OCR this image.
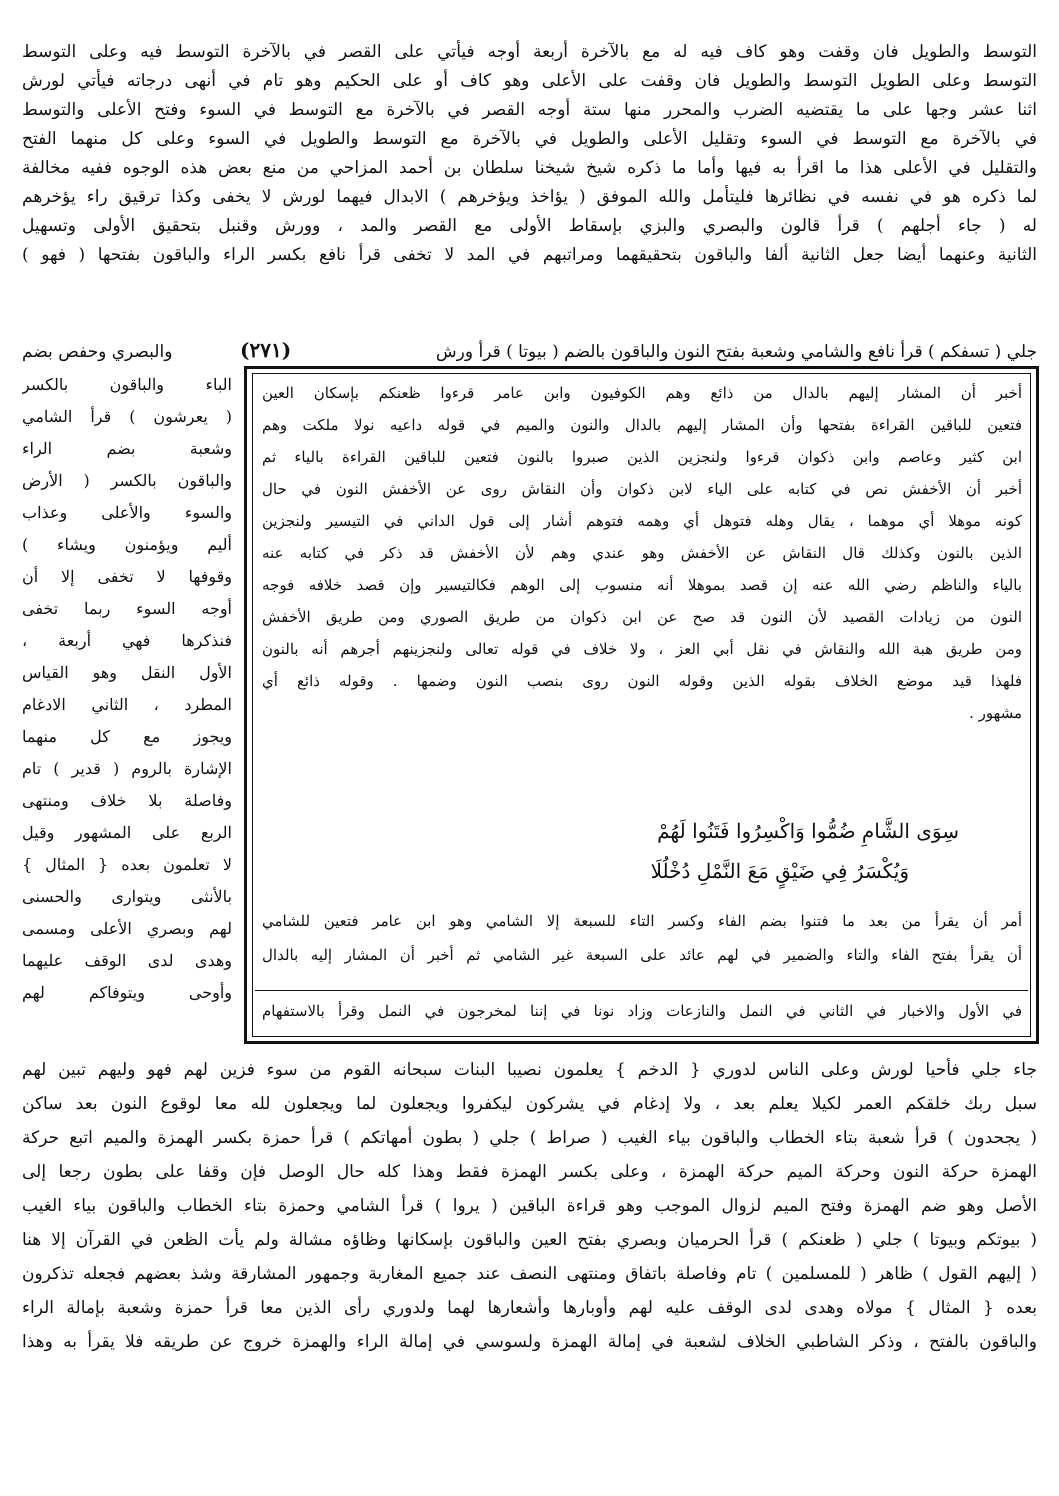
التوسط والطويل فان وقفت وهو كاف فيه له مع بالآخرة أربعة أوجه فيأتي على القصر في بالآخرة التوسط فيه وعلى التوسط
التوسط وعلى الطويل التوسط والطويل فان وقفت على الأعلى وهو كاف أو على الحكيم وهو تام في أنهى درجاته فيأتي لورش
اثنا عشر وجها على ما يقتضيه الضرب والمحرر منها ستة أوجه القصر في بالآخرة مع التوسط في السوء وفتح الأعلى والتوسط
في بالآخرة مع التوسط في السوء وتقليل الأعلى والطويل في بالآخرة مع التوسط والطويل في السوء وعلى كل منهما الفتح
والتقليل في الأعلى هذا ما اقرأ به فيها وأما ما ذكره شيخ شيخنا سلطان بن أحمد المزاحي من منع بعض هذه الوجوه ففيه مخالفة
لما ذكره هو في نفسه في نظائرها فليتأمل والله الموفق ( يؤاخذ ويؤخرهم ) الابدال فيهما لورش لا يخفى وكذا ترقيق راء يؤخرهم
له ( جاء أجلهم ) قرأ قالون والبصري والبزي بإسقاط الأولى مع القصر والمد ، وورش وقنبل بتحقيق الأولى وتسهيل
الثانية وعنهما أيضا جعل الثانية ألفا والباقون بتحقيقهما ومراتبهم في المد لا تخفى قرأ نافع بكسر الراء والباقون بفتحها ( فهو )
جلي ( تسفكم ) قرأ نافع والشامي وشعبة بفتح النون والباقون بالضم ( بيوتا ) قرأ ورش
(٢٧١)
والبصري وحفص بضم
الباء والباقون بالكسر
( يعرشون ) قرأ الشامي
وشعبة بضم الراء
والباقون بالكسر ( الأرض
والسوء والأعلى وعذاب
أليم ويؤمنون ويشاء )
وقوفها لا تخفى إلا أن
أوجه السوء ربما تخفى
فنذكرها فهي أربعة ،
الأول النقل وهو القياس
المطرد ، الثاني الادغام
ويجوز مع كل منهما
الإشارة بالروم ( قدير ) تام
وفاصلة بلا خلاف ومنتهى
الربع على المشهور وقيل
لا تعلمون بعده { المثال }
بالأنثى ويتوارى والحسنى
لهم وبصري الأعلى ومسمى
وهدى لدى الوقف عليهما
وأوحى ويتوفاكم لهم
أخبر أن المشار إليهم بالدال من ذائع وهم الكوفيون وابن عامر قرءوا ظعنكم بإسكان العين
فتعين للباقين القراءة بفتحها وأن المشار إليهم بالدال والنون والميم في قوله داعيه نولا ملكت وهم
ابن كثير وعاصم وابن ذكوان قرءوا ولنجزين الذين صبروا بالنون فتعين للباقين القراءة بالياء ثم
أخبر أن الأخفش نص في كتابه على الياء لابن ذكوان وأن النقاش روى عن الأخفش النون في حال
كونه موهلا أي موهما ، يقال وهله فتوهل أي وهمه فتوهم أشار إلى قول الداني في التيسير ولنجزين
الذين بالنون وكذلك قال النقاش عن الأخفش وهو عندي وهم لأن الأخفش قد ذكر في كتابه عنه
بالياء والناظم رضي الله عنه إن قصد بموهلا أنه منسوب إلى الوهم فكالتيسير وإن قصد خلافه فوجه
النون من زيادات القصيد لأن النون قد صح عن ابن ذكوان من طريق الصوري ومن طريق الأخفش
ومن طريق هبة الله والنقاش في نقل أبي العز ، ولا خلاف في قوله تعالى ولنجزينهم أجرهم أنه بالنون
فلهذا قيد موضع الخلاف بقوله الذين وقوله النون روى بنصب النون وضمها . وقوله ذائع أي
مشهور .
سِوَى الشَّامِ ضُمُّوا وَاكْسِرُوا فَتَنُوا لَهُمْ
وَيُكْسَرُ فِي ضَيْقٍ مَعَ النَّمْلِ دُخْلُلَا
أمر أن يقرأ من بعد ما فتنوا بضم الفاء وكسر التاء للسبعة إلا الشامي وهو ابن عامر فتعين للشامي
أن يقرأ بفتح الفاء والتاء والضمير في لهم عائد على السبعة غير الشامي ثم أخبر أن المشار إليه بالدال
في الأول والاخبار في الثاني في النمل والنازعات وزاد نونا في إننا لمخرجون في النمل وقرأ بالاستفهام
جاء جلي فأحيا لورش وعلى الناس لدوري { الدخم } يعلمون نصيبا البنات سبحانه القوم من سوء فزين لهم فهو وليهم تبين لهم
سبل ربك خلقكم العمر لكيلا يعلم بعد ، ولا إدغام في يشركون ليكفروا ويجعلون لما ويجعلون لله معا لوقوع النون بعد ساكن
( يجحدون ) قرأ شعبة بتاء الخطاب والباقون بياء الغيب ( صراط ) جلي ( بطون أمهاتكم ) قرأ حمزة بكسر الهمزة والميم اتبع حركة
الهمزة حركة النون وحركة الميم حركة الهمزة ، وعلى بكسر الهمزة فقط وهذا كله حال الوصل فإن وقفا على بطون رجعا إلى
الأصل وهو ضم الهمزة وفتح الميم لزوال الموجب وهو قراءة الباقين ( يروا ) قرأ الشامي وحمزة بتاء الخطاب والباقون بياء الغيب
( بيوتكم وبيوتا ) جلي ( ظعنكم ) قرأ الحرميان وبصري بفتح العين والباقون بإسكانها وظاؤه مشالة ولم يأت الظعن في القرآن إلا هنا
( إليهم القول ) ظاهر ( للمسلمين ) تام وفاصلة باتفاق ومنتهى النصف عند جميع المغاربة وجمهور المشارقة وشذ بعضهم فجعله تذكرون
بعده { المثال } مولاه وهدى لدى الوقف عليه لهم وأوبارها وأشعارها لهما ولدوري رأى الذين معا قرأ حمزة وشعبة بإمالة الراء
والباقون بالفتح ، وذكر الشاطبي الخلاف لشعبة في إمالة الهمزة ولسوسي في إمالة الراء والهمزة خروج عن طريقه فلا يقرأ به وهذا
